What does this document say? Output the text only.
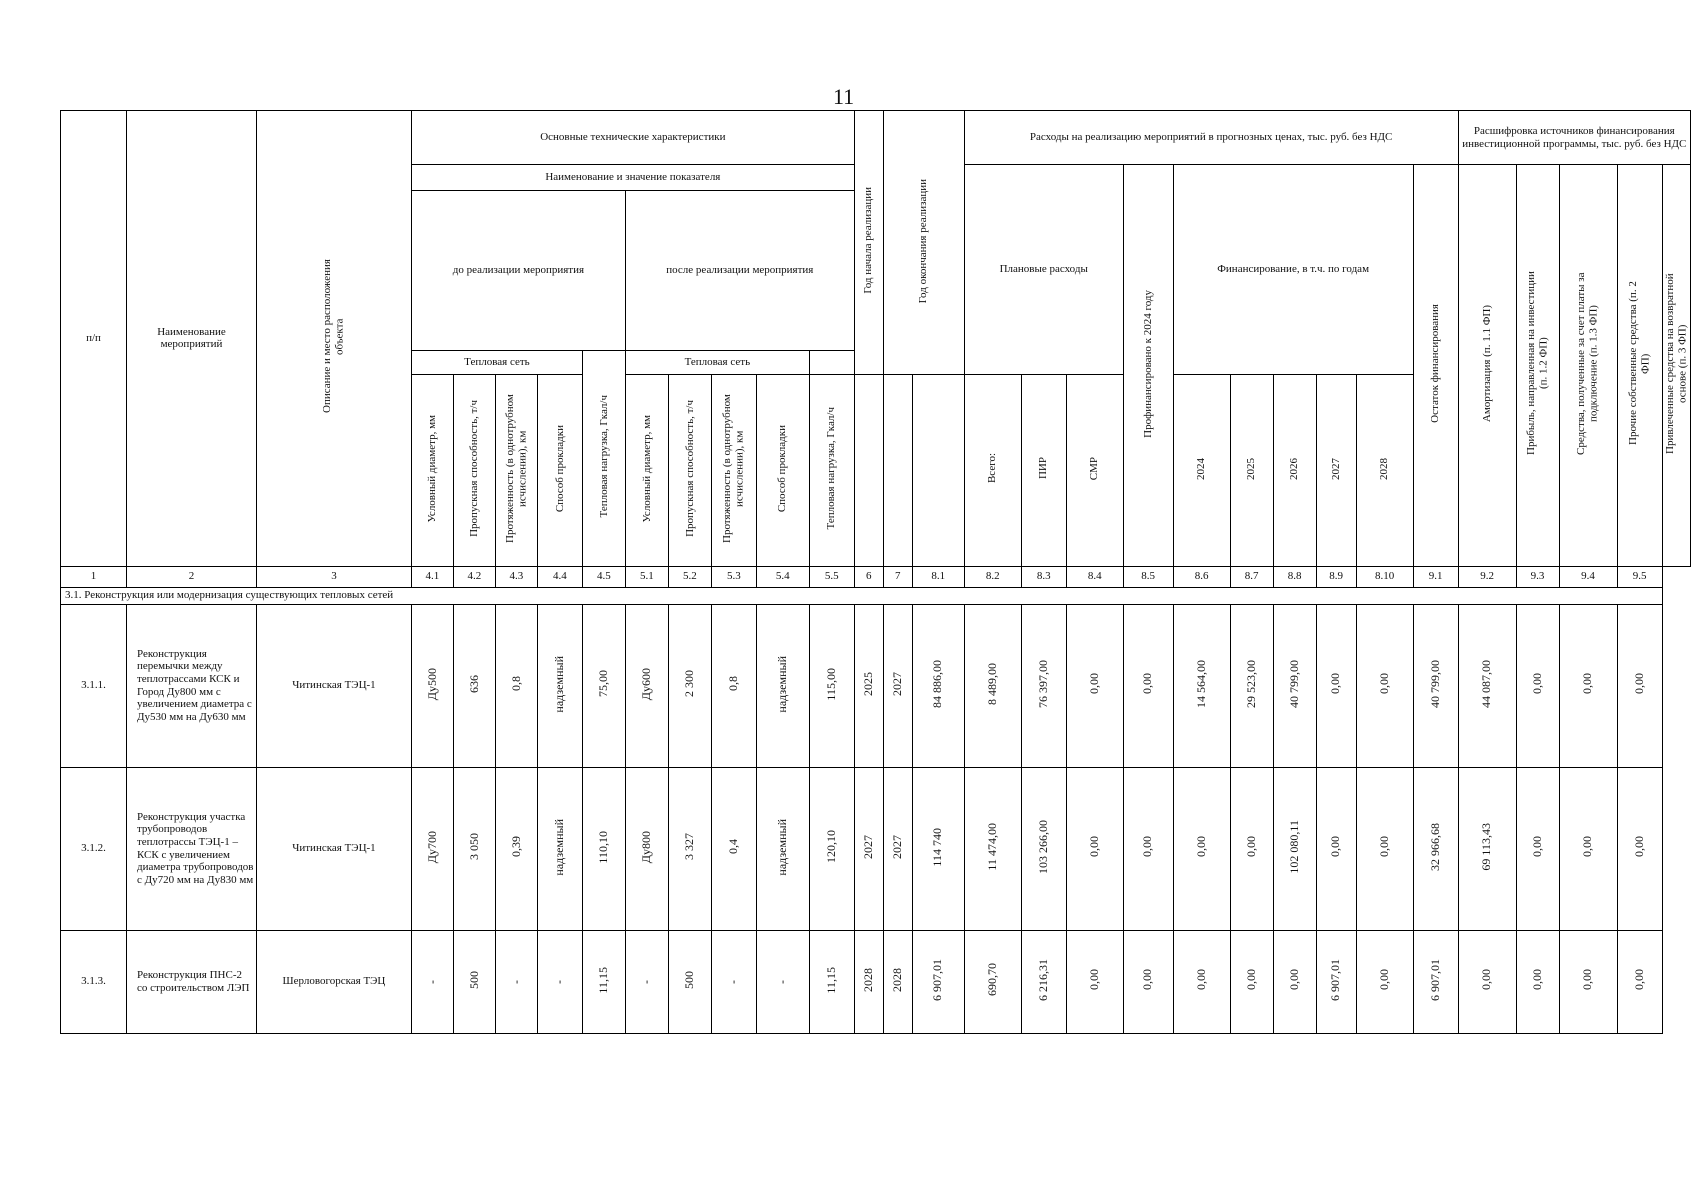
11
п/п	Наименование мероприятий	Описание и место расположения объекта	Основные технические характеристики										Год начала реализации	Год окончания реализации		Расходы на реализацию мероприятий в прогнозных ценах, тыс. руб. без НДС										Расшифровка источников финансирования инвестиционной программы, тыс. руб. без НДС				
			Наименование и значение показателя													Плановые расходы			Профинансировано к 2024 году	Финансирование, в т.ч. по годам					Остаток финансирования	Амортизация (п. 1.1 ФП)	Прибыль, направленная на инвестиции (п. 1.2 ФП)	Средства, полученные за счет платы за подключение (п. 1.3 ФП)	Прочие собственные средства (п. 2 ФП)	Привлеченные средства на возвратной основе (п. 3 ФП)
			до реализации мероприятия					после реализации мероприятия																						
			Тепловая сеть				Тепловая нагрузка, Гкал/ч	Тепловая сеть																						
			Условный диаметр, мм	Пропускная способность, т/ч	Протяженность (в однотрубном исчислении), км	Способ прокладки		Условный диаметр, мм	Пропускная способность, т/ч	Протяженность (в однотрубном исчислении), км	Способ прокладки	Тепловая нагрузка, Гкал/ч				Всего:	ПИР	СМР		2024	2025	2026	2027	2028						
1	2	3	4.1	4.2	4.3	4.4	4.5	5.1	5.2	5.3	5.4	5.5	6	7	8.1	8.2	8.3	8.4	8.5	8.6	8.7	8.8	8.9	8.10	9.1	9.2	9.3	9.4	9.5	
3.1. Реконструкция или модернизация существующих тепловых сетей																														
3.1.1.	Реконструкция перемычки между теплотрассами КСК и Город Ду800 мм с увеличением диаметра с Ду530 мм на Ду630 мм	Читинская ТЭЦ-1	Ду500	636	0,8	надземный	75,00	Ду600	2 300	0,8	надземный	115,00	2025	2027	84 886,00	8 489,00	76 397,00	0,00	0,00	14 564,00	29 523,00	40 799,00	0,00	0,00	40 799,00	44 087,00	0,00	0,00	0,00	
3.1.2.	Реконструкция участка трубопроводов теплотрассы ТЭЦ-1 – КСК с увеличением диаметра трубопроводов с Ду720 мм на Ду830 мм	Читинская ТЭЦ-1	Ду700	3 050	0,39	надземный	110,10	Ду800	3 327	0,4	надземный	120,10	2027	2027	114 740	11 474,00	103 266,00	0,00	0,00	0,00	0,00	102 080,11	0,00	0,00	32 966,68	69 113,43	0,00	0,00	0,00	
3.1.3.	Реконструкция ПНС-2 со строительством ЛЭП	Шерловогорская ТЭЦ	-	500	-	-	11,15	-	500	-	-	11,15	2028	2028	6 907,01	690,70	6 216,31	0,00	0,00	0,00	0,00	0,00	6 907,01	0,00	6 907,01	0,00	0,00	0,00	0,00	
